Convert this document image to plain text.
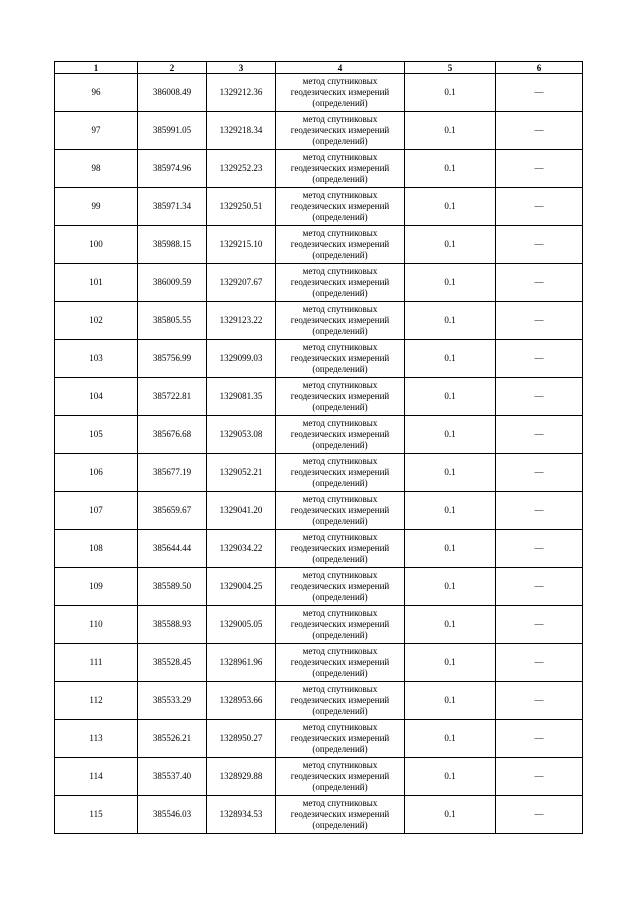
1	2	3	4	5	6
96	386008.49	1329212.36	метод спутниковых геодезических измерений (определений)	0.1	—
97	385991.05	1329218.34	метод спутниковых геодезических измерений (определений)	0.1	—
98	385974.96	1329252.23	метод спутниковых геодезических измерений (определений)	0.1	—
99	385971.34	1329250.51	метод спутниковых геодезических измерений (определений)	0.1	—
100	385988.15	1329215.10	метод спутниковых геодезических измерений (определений)	0.1	—
101	386009.59	1329207.67	метод спутниковых геодезических измерений (определений)	0.1	—
102	385805.55	1329123.22	метод спутниковых геодезических измерений (определений)	0.1	—
103	385756.99	1329099.03	метод спутниковых геодезических измерений (определений)	0.1	—
104	385722.81	1329081.35	метод спутниковых геодезических измерений (определений)	0.1	—
105	385676.68	1329053.08	метод спутниковых геодезических измерений (определений)	0.1	—
106	385677.19	1329052.21	метод спутниковых геодезических измерений (определений)	0.1	—
107	385659.67	1329041.20	метод спутниковых геодезических измерений (определений)	0.1	—
108	385644.44	1329034.22	метод спутниковых геодезических измерений (определений)	0.1	—
109	385589.50	1329004.25	метод спутниковых геодезических измерений (определений)	0.1	—
110	385588.93	1329005.05	метод спутниковых геодезических измерений (определений)	0.1	—
111	385528.45	1328961.96	метод спутниковых геодезических измерений (определений)	0.1	—
112	385533.29	1328953.66	метод спутниковых геодезических измерений (определений)	0.1	—
113	385526.21	1328950.27	метод спутниковых геодезических измерений (определений)	0.1	—
114	385537.40	1328929.88	метод спутниковых геодезических измерений (определений)	0.1	—
115	385546.03	1328934.53	метод спутниковых геодезических измерений (определений)	0.1	—
